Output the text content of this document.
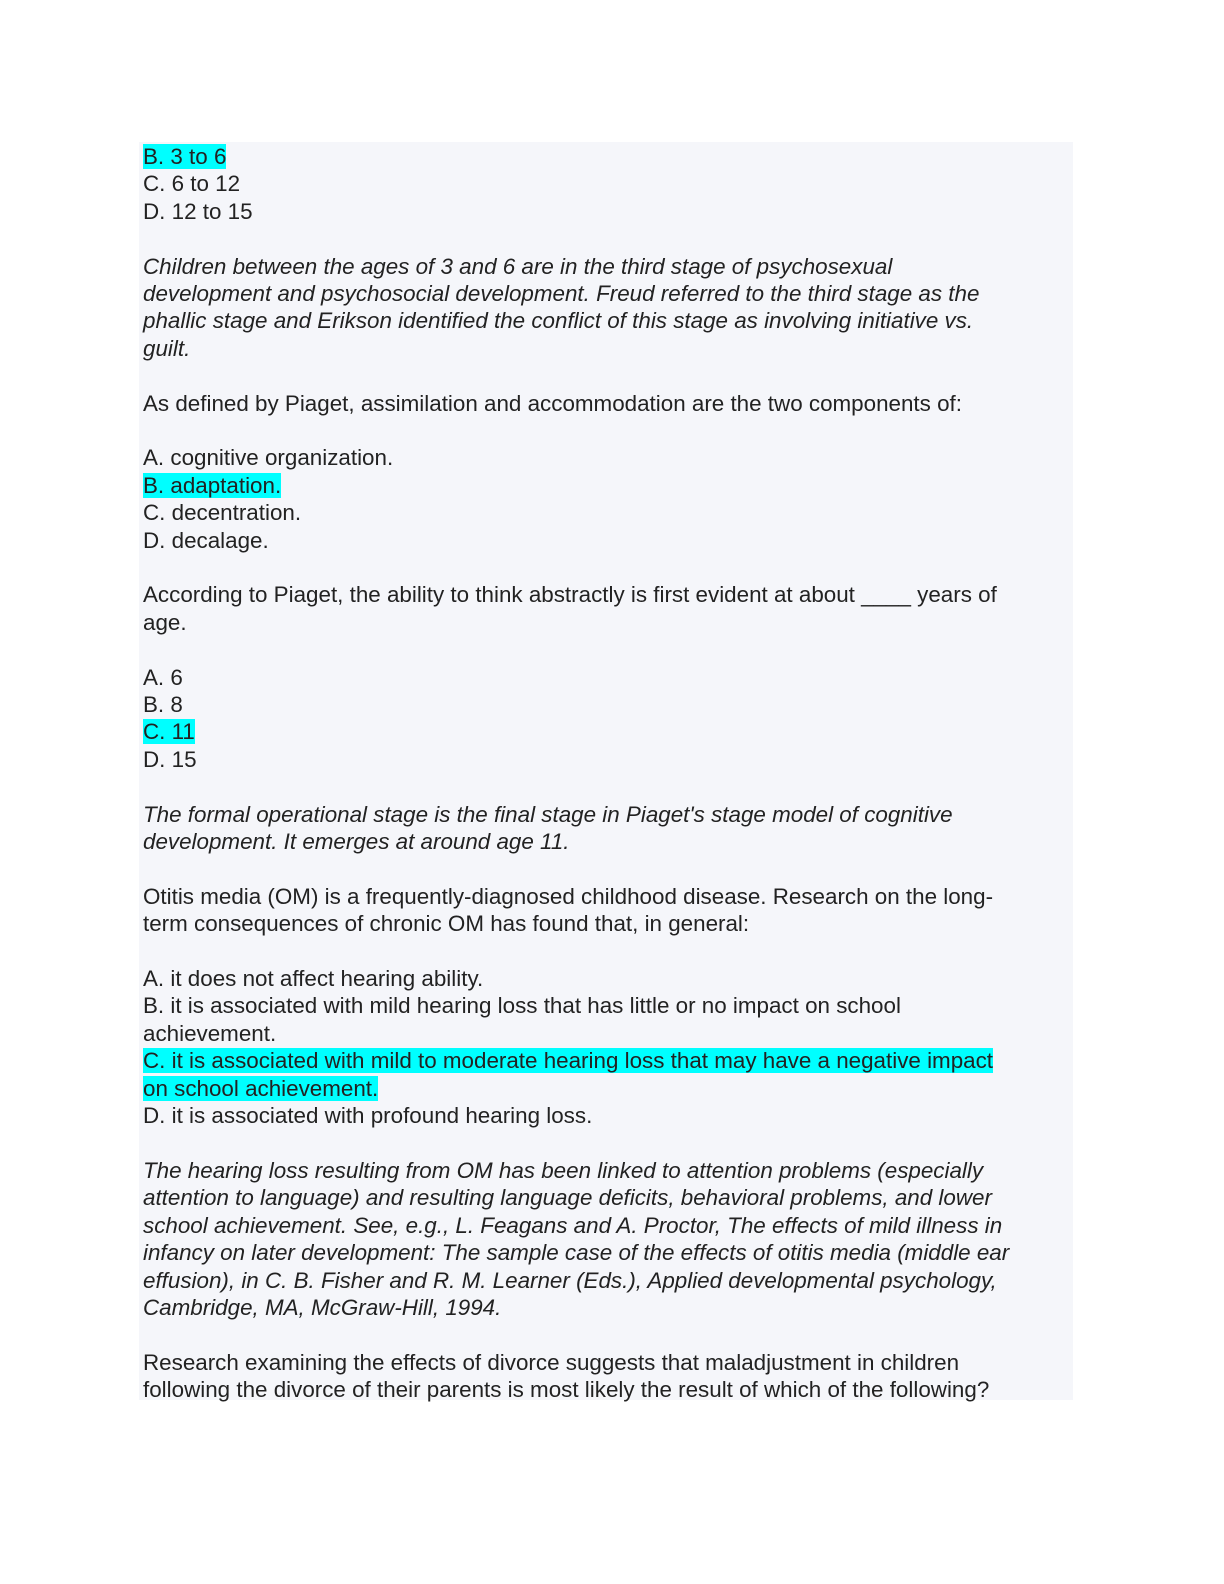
B. 3 to 6
C. 6 to 12
D. 12 to 15
Children between the ages of 3 and 6 are in the third stage of psychosexual
development and psychosocial development. Freud referred to the third stage as the
phallic stage and Erikson identified the conflict of this stage as involving initiative vs.
guilt.
As defined by Piaget, assimilation and accommodation are the two components of:
A. cognitive organization.
B. adaptation.
C. decentration.
D. decalage.
According to Piaget, the ability to think abstractly is first evident at about ____ years of
age.
A. 6
B. 8
C. 11
D. 15
The formal operational stage is the final stage in Piaget's stage model of cognitive
development. It emerges at around age 11.
Otitis media (OM) is a frequently-diagnosed childhood disease. Research on the long-
term consequences of chronic OM has found that, in general:
A. it does not affect hearing ability.
B. it is associated with mild hearing loss that has little or no impact on school
achievement.
C. it is associated with mild to moderate hearing loss that may have a negative impact
on school achievement.
D. it is associated with profound hearing loss.
The hearing loss resulting from OM has been linked to attention problems (especially
attention to language) and resulting language deficits, behavioral problems, and lower
school achievement. See, e.g., L. Feagans and A. Proctor, The effects of mild illness in
infancy on later development: The sample case of the effects of otitis media (middle ear
effusion), in C. B. Fisher and R. M. Learner (Eds.), Applied developmental psychology,
Cambridge, MA, McGraw-Hill, 1994.
Research examining the effects of divorce suggests that maladjustment in children
following the divorce of their parents is most likely the result of which of the following?
